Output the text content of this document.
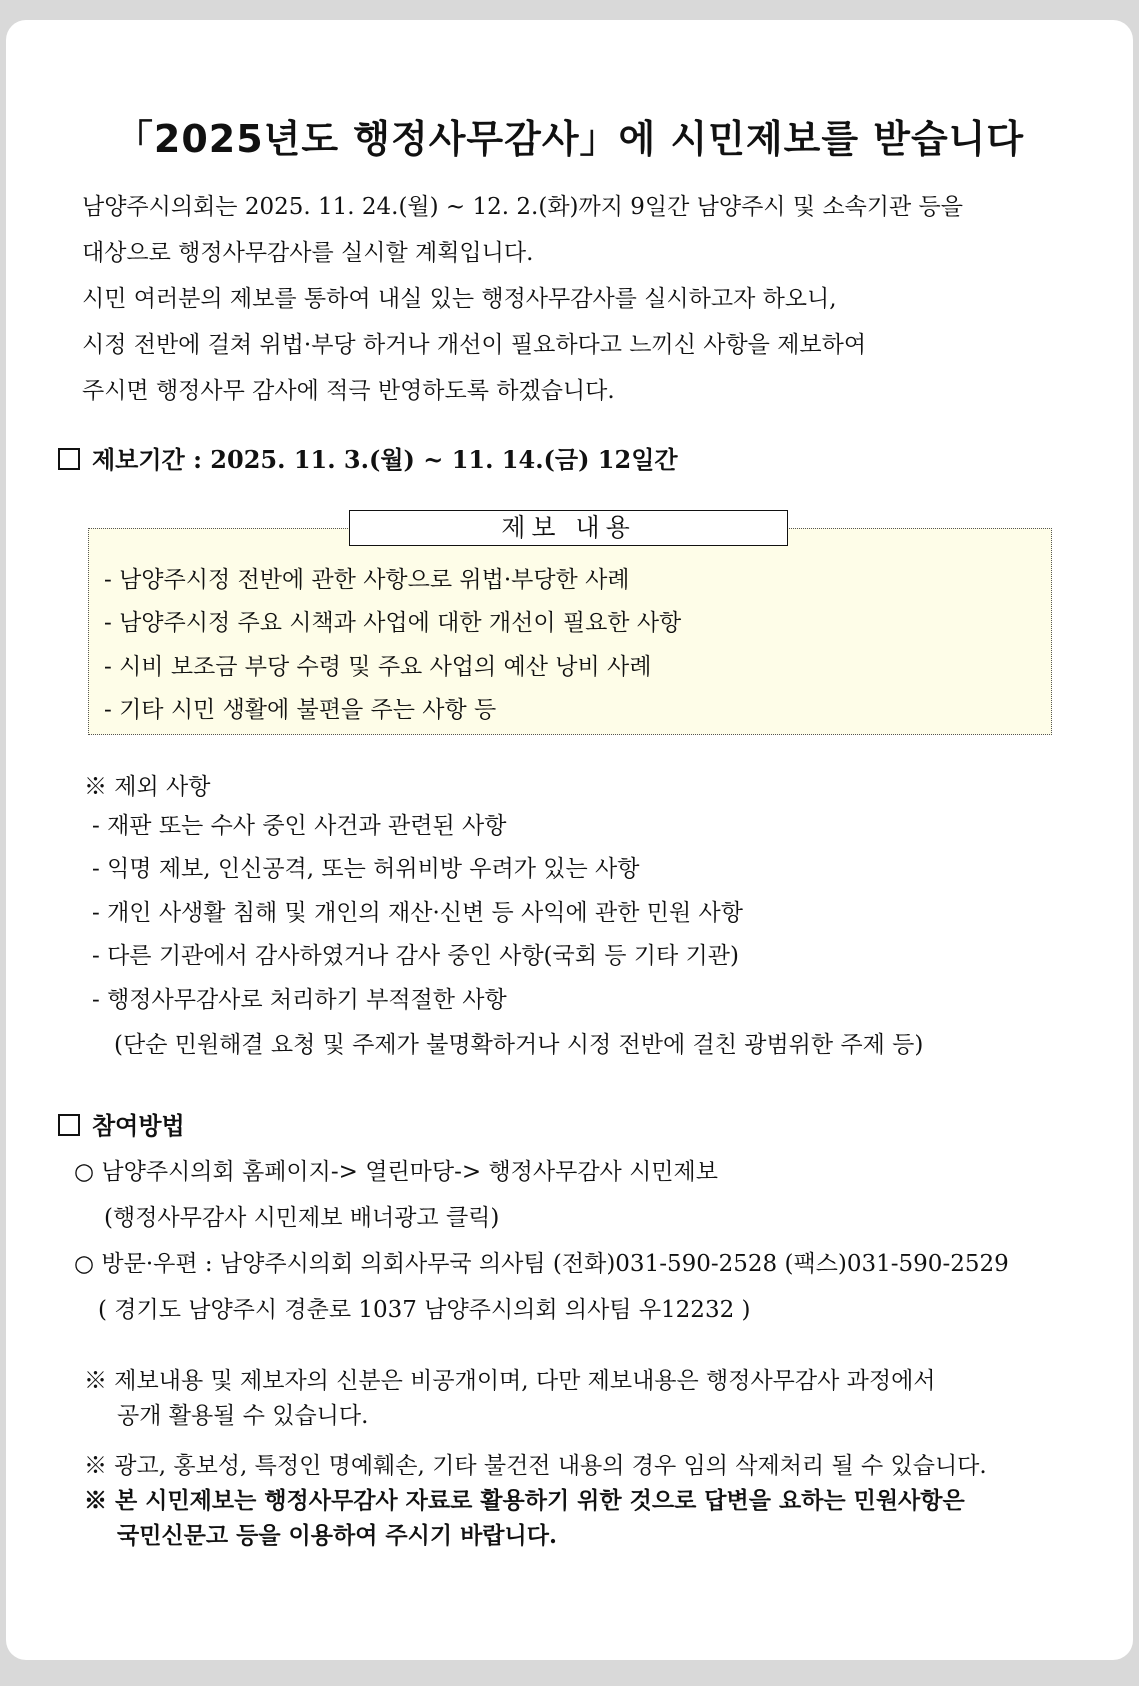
「2025년도 행정사무감사」에 시민제보를 받습니다
남양주시의회는 2025. 11. 24.(월) ~ 12. 2.(화)까지 9일간 남양주시 및 소속기관 등을
대상으로 행정사무감사를 실시할 계획입니다.
시민 여러분의 제보를 통하여 내실 있는 행정사무감사를 실시하고자 하오니,
시정 전반에 걸쳐 위법·부당 하거나 개선이 필요하다고 느끼신 사항을 제보하여
주시면 행정사무 감사에 적극 반영하도록 하겠습니다.
제보기간 : 2025. 11. 3.(월) ~ 11. 14.(금) 12일간
제보 내용
- 남양주시정 전반에 관한 사항으로 위법·부당한 사례
- 남양주시정 주요 시책과 사업에 대한 개선이 필요한 사항
- 시비 보조금 부당 수령 및 주요 사업의 예산 낭비 사례
- 기타 시민 생활에 불편을 주는 사항 등
※ 제외 사항
- 재판 또는 수사 중인 사건과 관련된 사항
- 익명 제보, 인신공격, 또는 허위비방 우려가 있는 사항
- 개인 사생활 침해 및 개인의 재산·신변 등 사익에 관한 민원 사항
- 다른 기관에서 감사하였거나 감사 중인 사항(국회 등 기타 기관)
- 행정사무감사로 처리하기 부적절한 사항
(단순 민원해결 요청 및 주제가 불명확하거나 시정 전반에 걸친 광범위한 주제 등)
참여방법
○ 남양주시의회 홈페이지-> 열린마당-> 행정사무감사 시민제보
(행정사무감사 시민제보 배너광고 클릭)
○ 방문·우편 : 남양주시의회 의회사무국 의사팀 (전화)031-590-2528 (팩스)031-590-2529
( 경기도 남양주시 경춘로 1037 남양주시의회 의사팀 우12232 )
※ 제보내용 및 제보자의 신분은 비공개이며, 다만 제보내용은 행정사무감사 과정에서
공개 활용될 수 있습니다.
※ 광고, 홍보성, 특정인 명예훼손, 기타 불건전 내용의 경우 임의 삭제처리 될 수 있습니다.
※ 본 시민제보는 행정사무감사 자료로 활용하기 위한 것으로 답변을 요하는 민원사항은
국민신문고 등을 이용하여 주시기 바랍니다.
